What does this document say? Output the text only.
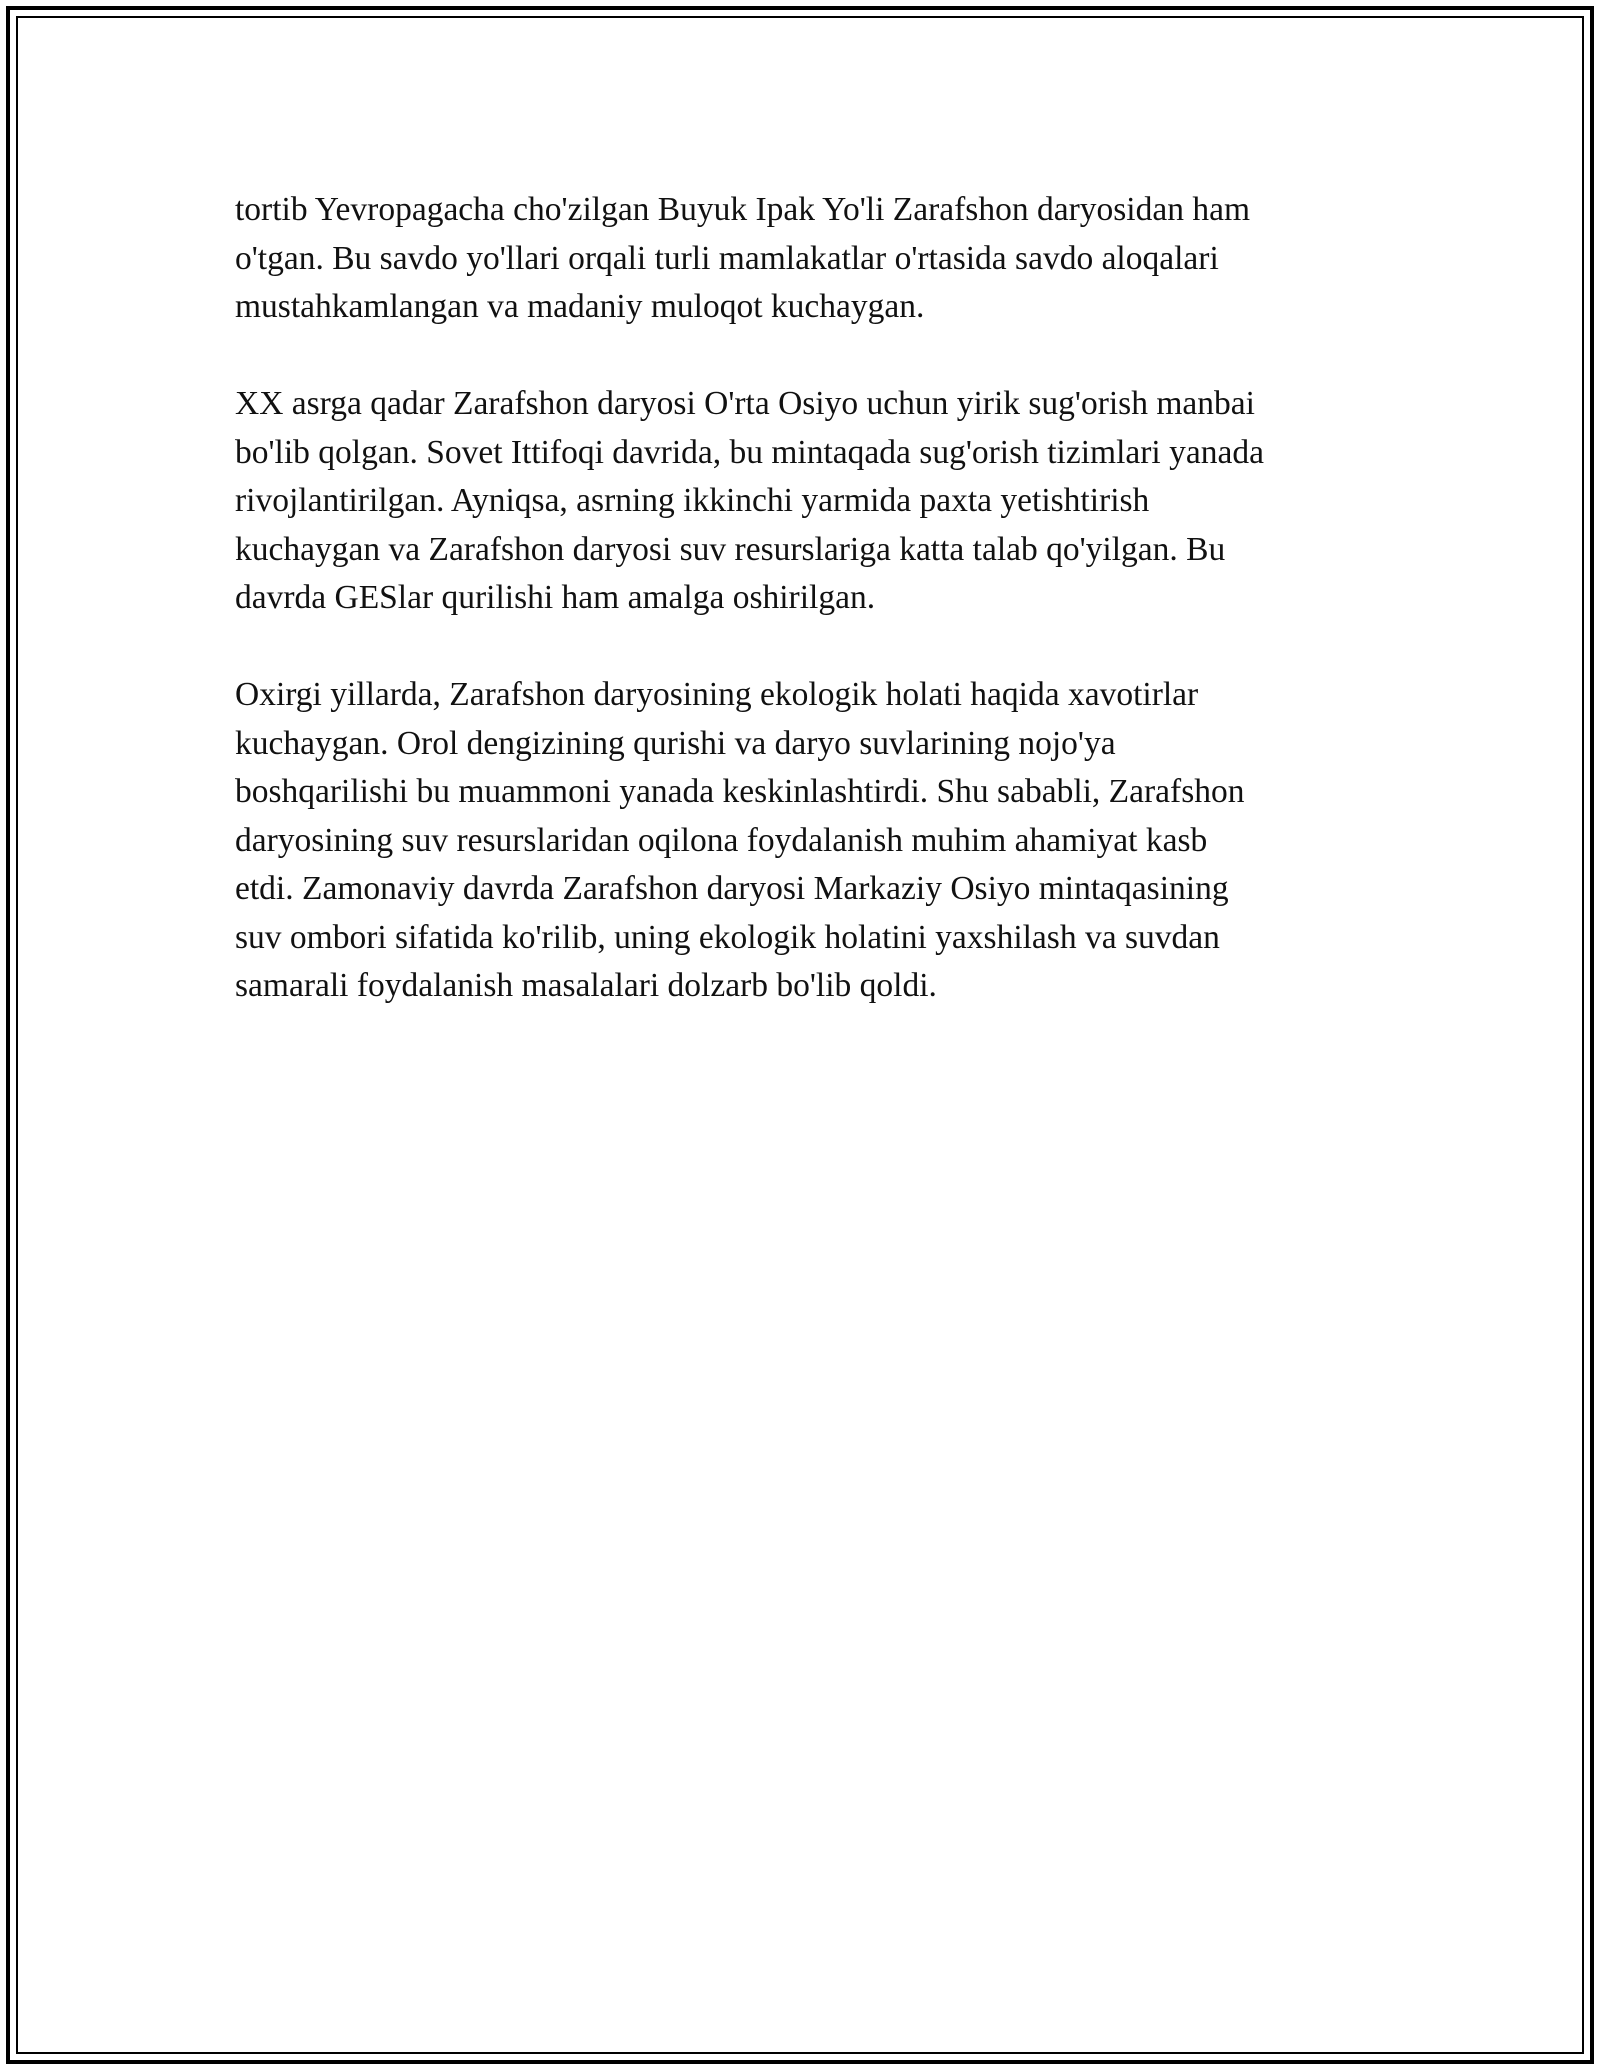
tortib Yevropagacha cho'zilgan Buyuk Ipak Yo'li Zarafshon daryosidan ham
o'tgan. Bu savdo yo'llari orqali turli mamlakatlar o'rtasida savdo aloqalari
mustahkamlangan va madaniy muloqot kuchaygan.

XX asrga qadar Zarafshon daryosi O'rta Osiyo uchun yirik sug'orish manbai
bo'lib qolgan. Sovet Ittifoqi davrida, bu mintaqada sug'orish tizimlari yanada
rivojlantirilgan. Ayniqsa, asrning ikkinchi yarmida paxta yetishtirish
kuchaygan va Zarafshon daryosi suv resurslariga katta talab qo'yilgan. Bu
davrda GESlar qurilishi ham amalga oshirilgan.

Oxirgi yillarda, Zarafshon daryosining ekologik holati haqida xavotirlar
kuchaygan. Orol dengizining qurishi va daryo suvlarining nojo'ya
boshqarilishi bu muammoni yanada keskinlashtirdi. Shu sababli, Zarafshon
daryosining suv resurslaridan oqilona foydalanish muhim ahamiyat kasb
etdi. Zamonaviy davrda Zarafshon daryosi Markaziy Osiyo mintaqasining
suv ombori sifatida ko'rilib, uning ekologik holatini yaxshilash va suvdan
samarali foydalanish masalalari dolzarb bo'lib qoldi.
